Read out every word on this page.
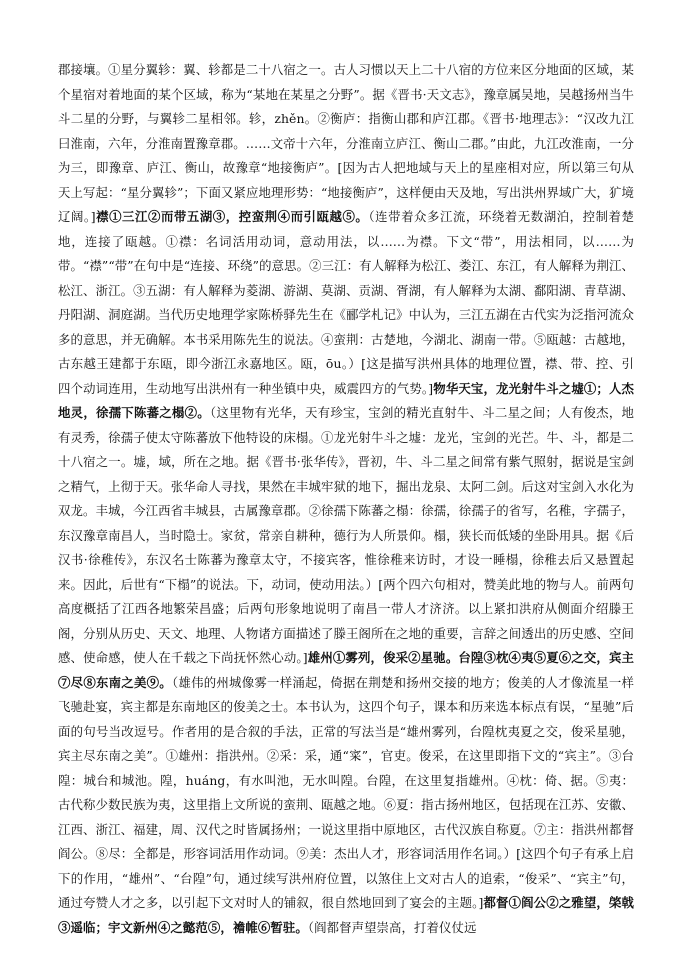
郡接壤。①星分翼轸：翼、轸都是二十八宿之一。古人习惯以天上二十八宿的方位来区分地面的区域，某个星宿对着地面的某个区域，称为“某地在某星之分野”。据《晋书·天文志》，豫章属吴地，吴越扬州当牛斗二星的分野，与翼轸二星相邻。轸，zhěn。②衡庐：指衡山郡和庐江郡。《晋书·地理志》：“汉改九江曰淮南，六年，分淮南置豫章郡。……文帝十六年，分淮南立庐江、衡山二郡。”由此，九江改淮南，一分为三，即豫章、庐江、衡山，故豫章“地接衡庐”。[因为古人把地域与天上的星座相对应，所以第三句从天上写起：“星分翼轸”；下面又紧应地理形势：“地接衡庐”，这样便由天及地，写出洪州界域广大，犷境辽阔。]襟①三江②而带五湖③，控蛮荆④而引瓯越⑤。（连带着众多江流，环绕着无数湖泊，控制着楚地，连接了瓯越。①襟：名词活用动词，意动用法，以……为襟。下文“带”，用法相同，以……为带。“襟”“带”在句中是“连接、环绕”的意思。②三江：有人解释为松江、娄江、东江，有人解释为荆江、松江、浙江。③五湖：有人解释为菱湖、游湖、莫湖、贡湖、胥湖，有人解释为太湖、鄱阳湖、青草湖、丹阳湖、洞庭湖。当代历史地理学家陈桥驿先生在《郦学札记》中认为，三江五湖在古代实为泛指河流众多的意思，并无确解。本书采用陈先生的说法。④蛮荆：古楚地，今湖北、湖南一带。⑤瓯越：古越地，古东越王建都于东瓯，即今浙江永嘉地区。瓯，ōu。）[这是描写洪州具体的地理位置，襟、带、控、引四个动词连用，生动地写出洪州有一种坐镇中央，威震四方的气势。]物华天宝，龙光射牛斗之墟①；人杰地灵，徐孺下陈蕃之榻②。（这里物有光华，天有珍宝，宝剑的精光直射牛、斗二星之间；人有俊杰，地有灵秀，徐孺子使太守陈蕃放下他特设的床榻。①龙光射牛斗之墟：龙光，宝剑的光芒。牛、斗，都是二十八宿之一。墟，域，所在之地。据《晋书·张华传》，晋初，牛、斗二星之间常有紫气照射，据说是宝剑之精气，上彻于天。张华命人寻找，果然在丰城牢狱的地下，掘出龙泉、太阿二剑。后这对宝剑入水化为双龙。丰城，今江西省丰城县，古属豫章郡。②徐孺下陈蕃之榻：徐孺，徐孺子的省写，名稚，字孺子，东汉豫章南昌人，当时隐士。家贫，常亲自耕种，德行为人所景仰。榻，狭长而低矮的坐卧用具。据《后汉书·徐稚传》，东汉名士陈蕃为豫章太守，不接宾客，惟徐稚来访时，才设一睡榻，徐稚去后又悬置起来。因此，后世有“下榻”的说法。下，动词，使动用法。）[两个四六句相对，赞美此地的物与人。前两句高度概括了江西各地繁荣昌盛；后两句形象地说明了南昌一带人才济济。以上紧扣洪府从侧面介绍滕王阁，分别从历史、天文、地理、人物诸方面描述了滕王阁所在之地的重要，言辞之间透出的历史感、空间感、使命感，使人在千载之下尚抚怀然心动。]雄州①雾列，俊采②星驰。台隍③枕④夷⑤夏⑥之交，宾主⑦尽⑧东南之美⑨。（雄伟的州城像雾一样涌起，倚据在荆楚和扬州交接的地方；俊美的人才像流星一样飞驰赴宴，宾主都是东南地区的俊美之士。本书认为，这四个句子，课本和历来选本标点有误，“星驰”后面的句号当改逗号。作者用的是合叙的手法，正常的写法当是“雄州雾列，台隍枕夷夏之交，俊采星驰，宾主尽东南之美”。①雄州：指洪州。②采：采，通“寀”，官吏。俊采，在这里即指下文的“宾主”。③台隍：城台和城池。隍，huáng，有水叫池，无水叫隍。台隍，在这里复指雄州。④枕：倚、据。⑤夷：古代称少数民族为夷，这里指上文所说的蛮荆、瓯越之地。⑥夏：指古扬州地区，包括现在江苏、安徽、江西、浙江、福建，周、汉代之时皆属扬州；一说这里指中原地区，古代汉族自称夏。⑦主：指洪州都督阎公。⑧尽：全都是，形容词活用作动词。⑨美：杰出人才，形容词活用作名词。）[这四个句子有承上启下的作用，“雄州”、“台隍”句，通过续写洪州府位置，以煞住上文对古人的追索，“俊采”、“宾主”句，通过夸赞人才之多，以引起下文对时人的铺叙，很自然地回到了宴会的主题。]都督①阎公②之雅望，棨戟③遥临；宇文新州④之懿范⑤，襜帷⑥暂驻。（阎都督声望崇高，打着仪仗远
